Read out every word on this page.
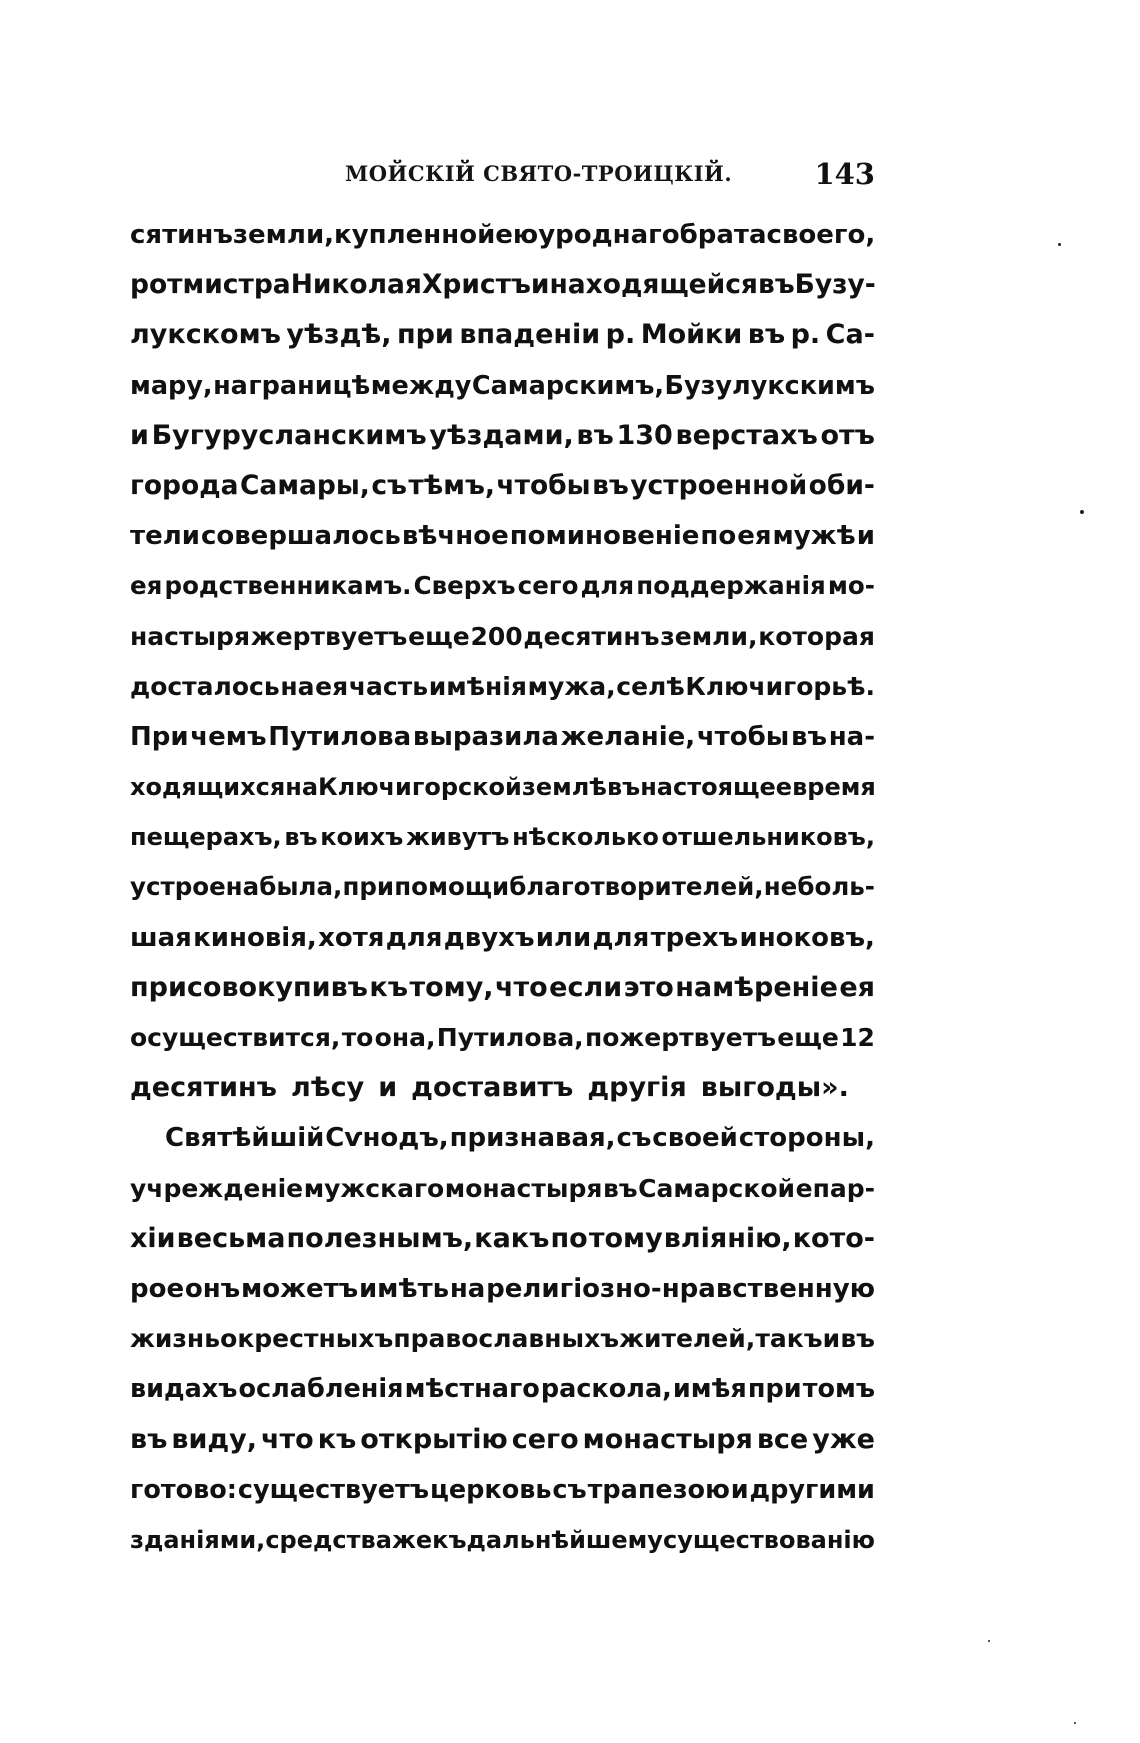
МОЙСКІЙ СВЯТО-ТРОИЦКІЙ.	143
сятинъ земли, купленной ею у роднаго брата своего,
ротмистра Николая Христъ и находящейся въ Бузу-
лукскомъ уѣздѣ, при впаденіи р. Мойки въ р. Са-
мару, на границѣ между Самарскимъ, Бузулукскимъ
и Бугурусланскимъ уѣздами, въ 130 верстахъ отъ
города Самары, съ тѣмъ, чтобы въ устроенной оби-
тели совершалось вѣчное поминовеніе по ея мужѣ и
ея родственникамъ. Сверхъ сего для поддержанія мо-
настыря жертвуетъ еще 200 десятинъ земли, которая
досталось на ея часть имѣнія мужа, селѣ Ключигорьѣ.
При чемъ Путилова выразила желаніе, чтобы въ на-
ходящихся на Ключигорской землѣ въ настоящее время
пещерахъ, въ коихъ живутъ нѣсколько отшельниковъ,
устроена была, при помощи благотворителей, не боль-
шая киновія, хотя для двухъ или для трехъ иноковъ,
присовокупивъ къ тому, что если это намѣреніе ея
осуществится, то она, Путилова, пожертвуетъ еще 12
десятинъ лѣсу и доставитъ другія выгоды».
Святѣйшій Сѵнодъ, признавая, съ своей стороны,
учрежденіе мужскаго монастыря въ Самарской епар-
хіи весьма полезнымъ, какъ по тому вліянію, кото-
рое онъ можетъ имѣть на религіозно-нравственную
жизнь окрестныхъ православныхъ жителей, такъ и въ
видахъ ослабленія мѣстнаго раскола, имѣя при томъ
въ виду, что къ открытію сего монастыря все уже
готово: существуетъ церковь съ трапезою и другими
зданіями, средства же къ дальнѣйшему существованію
